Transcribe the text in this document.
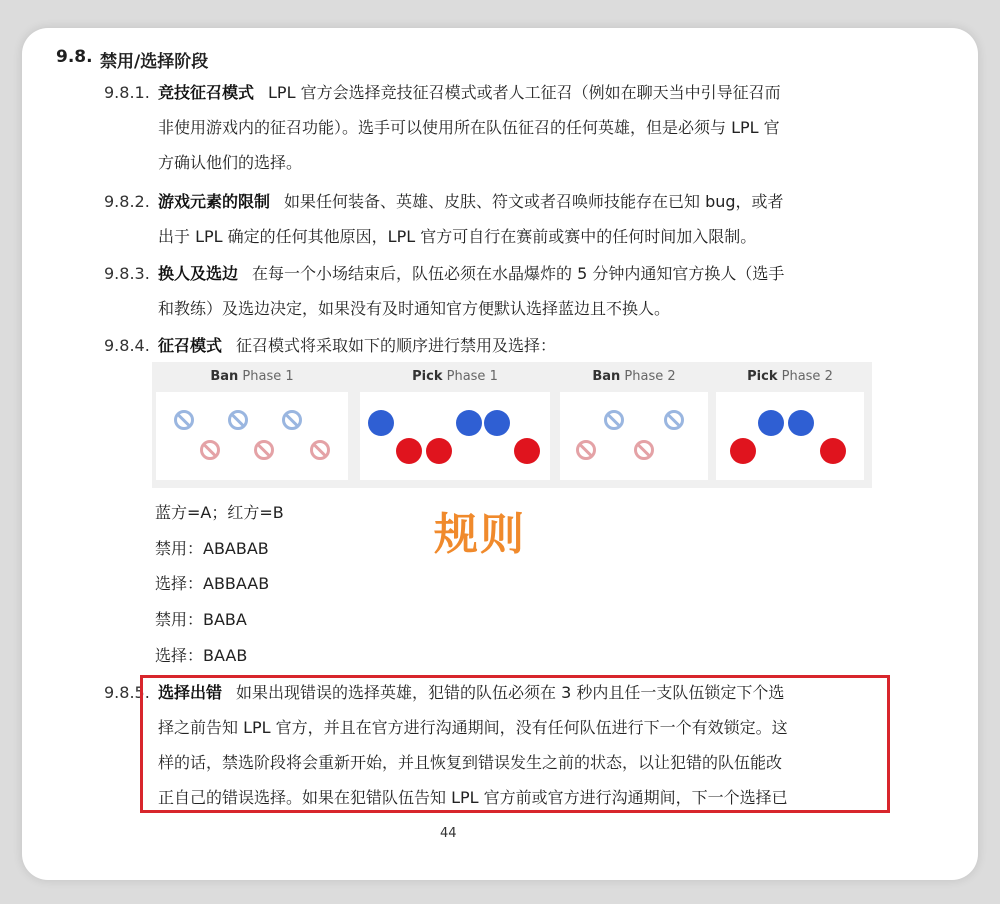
9.8. 禁用/选择阶段
9.8.1. 竞技征召模式 LPL 官方会选择竞技征召模式或者人工征召（例如在聊天当中引导征召而
非使用游戏内的征召功能）。选手可以使用所在队伍征召的任何英雄，但是必须与 LPL 官
方确认他们的选择。
9.8.2. 游戏元素的限制 如果任何装备、英雄、皮肤、符文或者召唤师技能存在已知 bug，或者
出于 LPL 确定的任何其他原因，LPL 官方可自行在赛前或赛中的任何时间加入限制。
9.8.3. 换人及选边 在每一个小场结束后，队伍必须在水晶爆炸的 5 分钟内通知官方换人（选手
和教练）及选边决定，如果没有及时通知官方便默认选择蓝边且不换人。
9.8.4. 征召模式 征召模式将采取如下的顺序进行禁用及选择：
Ban Phase 1	Pick Phase 1	Ban Phase 2	Pick Phase 2
蓝方=A；红方=B
禁用：ABABAB
选择：ABBAAB
禁用：BABA
选择：BAAB
规则
9.8.5. 选择出错 如果出现错误的选择英雄，犯错的队伍必须在 3 秒内且任一支队伍锁定下个选
择之前告知 LPL 官方，并且在官方进行沟通期间，没有任何队伍进行下一个有效锁定。这
样的话，禁选阶段将会重新开始，并且恢复到错误发生之前的状态，以让犯错的队伍能改
正自己的错误选择。如果在犯错队伍告知 LPL 官方前或官方进行沟通期间，下一个选择已
44
